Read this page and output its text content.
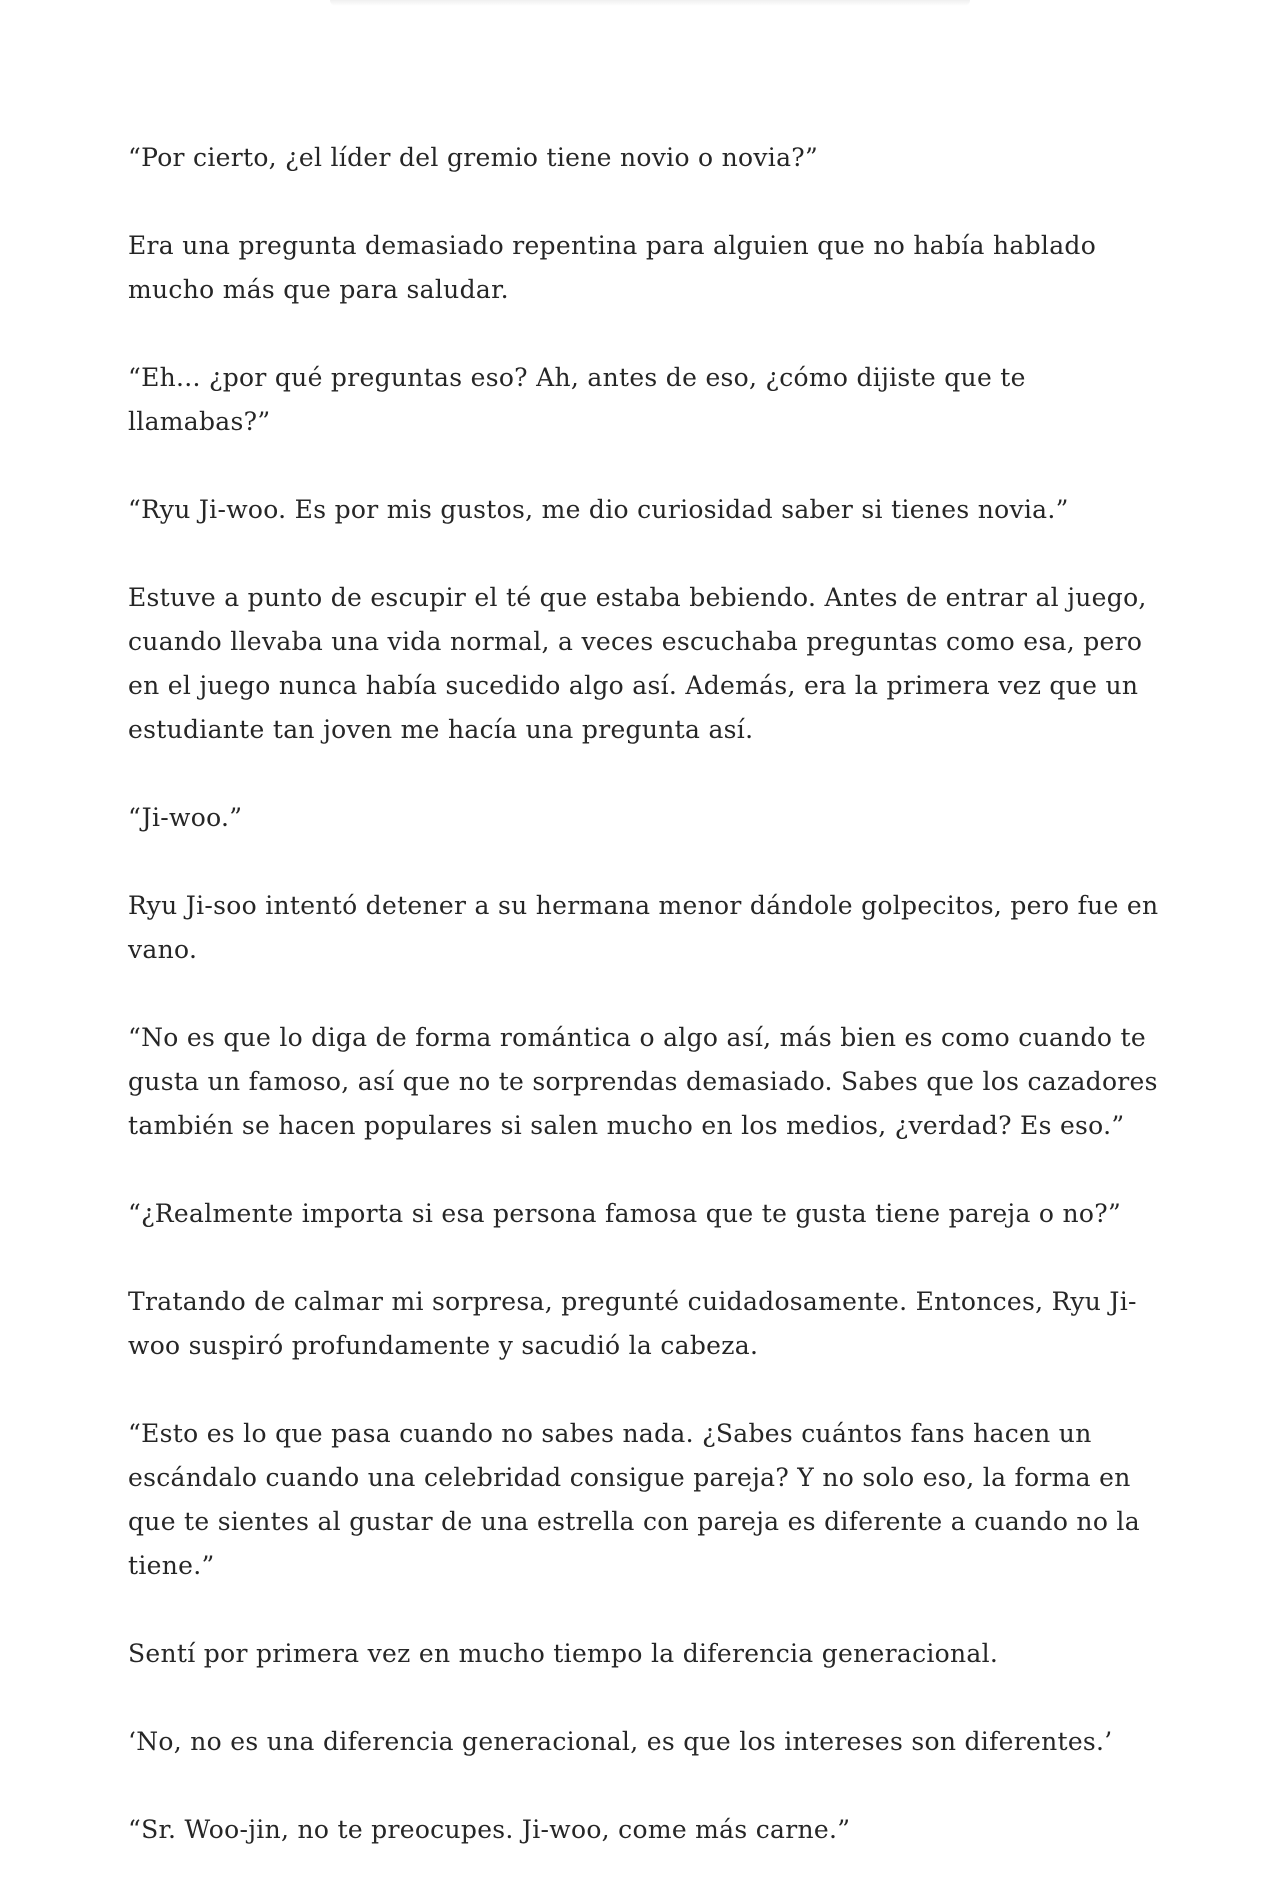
“Por cierto, ¿el líder del gremio tiene novio o novia?”

Era una pregunta demasiado repentina para alguien que no había hablado mucho más que para saludar.

“Eh... ¿por qué preguntas eso? Ah, antes de eso, ¿cómo dijiste que te llamabas?”

“Ryu Ji-woo. Es por mis gustos, me dio curiosidad saber si tienes novia.”

Estuve a punto de escupir el té que estaba bebiendo. Antes de entrar al juego, cuando llevaba una vida normal, a veces escuchaba preguntas como esa, pero en el juego nunca había sucedido algo así. Además, era la primera vez que un estudiante tan joven me hacía una pregunta así.

“Ji-woo.”

Ryu Ji-soo intentó detener a su hermana menor dándole golpecitos, pero fue en vano.

“No es que lo diga de forma romántica o algo así, más bien es como cuando te gusta un famoso, así que no te sorprendas demasiado. Sabes que los cazadores también se hacen populares si salen mucho en los medios, ¿verdad? Es eso.”

“¿Realmente importa si esa persona famosa que te gusta tiene pareja o no?”

Tratando de calmar mi sorpresa, pregunté cuidadosamente. Entonces, Ryu Ji-woo suspiró profundamente y sacudió la cabeza.

“Esto es lo que pasa cuando no sabes nada. ¿Sabes cuántos fans hacen un escándalo cuando una celebridad consigue pareja? Y no solo eso, la forma en que te sientes al gustar de una estrella con pareja es diferente a cuando no la tiene.”

Sentí por primera vez en mucho tiempo la diferencia generacional.

‘No, no es una diferencia generacional, es que los intereses son diferentes.’

“Sr. Woo-jin, no te preocupes. Ji-woo, come más carne.”
